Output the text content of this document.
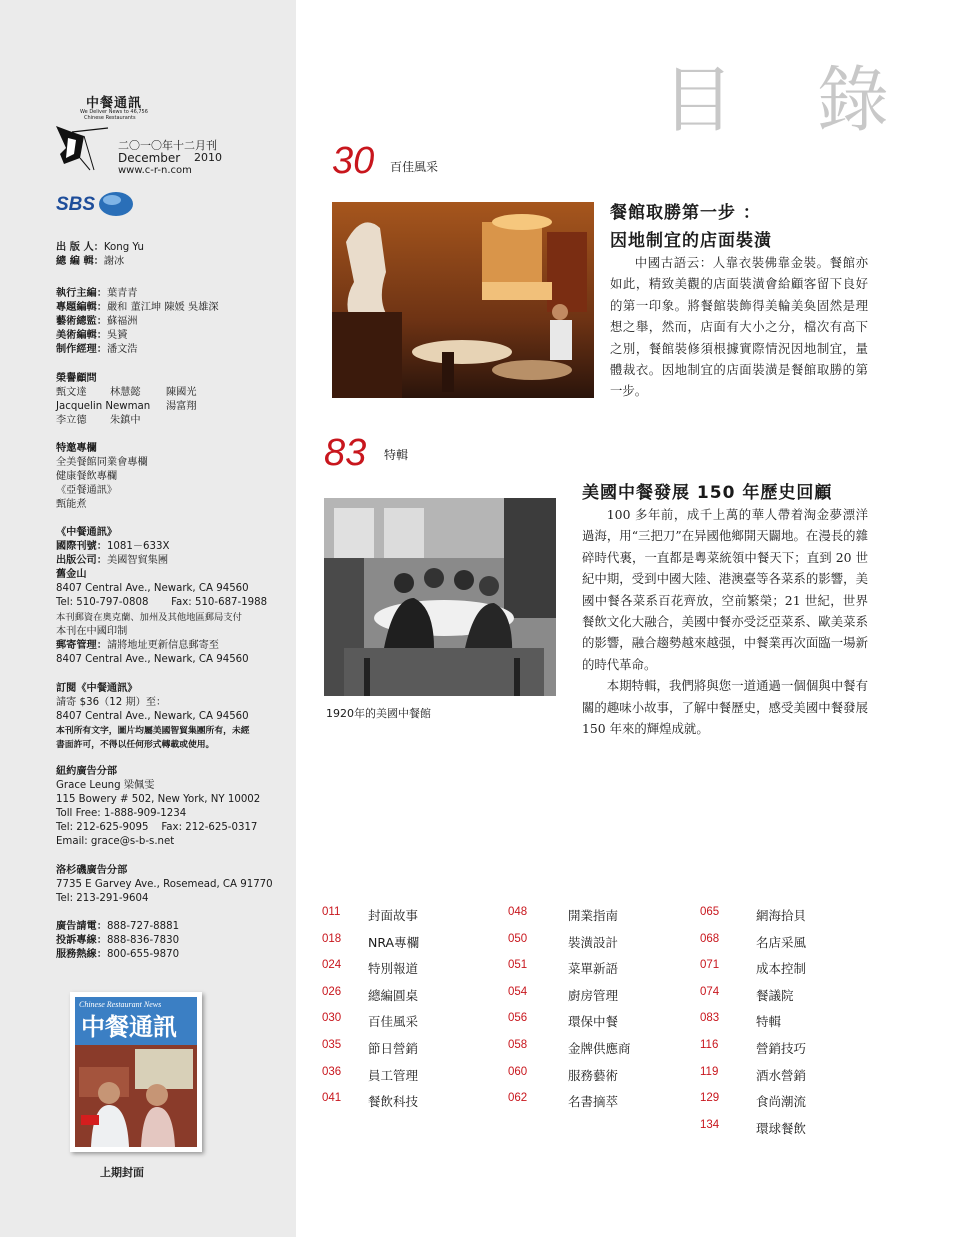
中餐通訊
We Deliver News to 46,756
Chinese Restaurants
二〇一〇年十二月刊
December 2010
www.c-r-n.com
SBS
出 版 人：Kong Yu
總 編 輯：謝冰
執行主編：葉青青
專題編輯：嚴和 董江坤 陳媛 吳雄深
藝術總監：蘇福洲
美術編輯：吳贇
制作經理：潘文浩
榮譽顧問
甄文達 林慧懿 陳國光
Jacquelin Newman 湯富翔
李立德 朱鎮中
特邀專欄
全美餐館同業會專欄
健康餐飲專欄
《亞餐通訊》
甄能煮
《中餐通訊》
國際刊號：1081－633X
出版公司：美國智貿集團
舊金山
8407 Central Ave., Newark, CA 94560
Tel: 510-797-0808       Fax: 510-687-1988
本刊郵資在奧克蘭、加州及其他地區郵局支付
本刊在中國印制
郵寄管理：請將地址更新信息郵寄至
8407 Central Ave., Newark, CA 94560
訂閱《中餐通訊》
請寄 $36（12 期）至：
8407 Central Ave., Newark, CA 94560
本刊所有文字，圖片均屬美國智貿集團所有，未經
書面許可，不得以任何形式轉載或使用。
紐約廣告分部
Grace Leung 梁佩雯
115 Bowery # 502, New York, NY 10002
Toll Free: 1-888-909-1234
Tel: 212-625-9095    Fax: 212-625-0317
Email: grace@s-b-s.net
洛杉磯廣告分部
7735 E Garvey Ave., Rosemead, CA 91770
Tel: 213-291-9604
廣告請電：888-727-8881
投訴專線：888-836-7830
服務熱線：800-655-9870
Chinese Restaurant News
中餐通訊
上期封面
目 錄
30 百佳風采
餐館取勝第一步 ：
因地制宜的店面裝潢

中國古語云：人靠衣裝佛靠金裝。餐館亦如此，精致美觀的店面裝潢會給顧客留下良好的第一印象。將餐館裝飾得美輪美奐固然是理想之舉，然而，店面有大小之分，檔次有高下之別，餐館裝修須根據實際情況因地制宜，量體裁衣。因地制宜的店面裝潢是餐館取勝的第一步。

83 特輯
1920年的美國中餐館
美國中餐發展 150 年歷史回顧

100 多年前，成千上萬的華人帶着淘金夢漂洋過海，用“三把刀”在异國他鄉開天闢地。在漫長的雜碎時代裏，一直都是粵菜統領中餐天下；直到 20 世紀中期，受到中國大陸、港澳臺等各菜系的影響，美國中餐各菜系百花齊放，空前繁榮；21 世紀，世界餐飲文化大融合，美國中餐亦受泛亞菜系、歐美菜系的影響，融合趨勢越來越强，中餐業再次面臨一場新的時代革命。

本期特輯，我們將與您一道通過一個個與中餐有關的趣味小故事，了解中餐歷史，感受美國中餐發展 150 年來的輝煌成就。

011 封面故事
018 NRA專欄
024 特別報道
026 總編圓桌
030 百佳風采
035 節日營銷
036 員工管理
041 餐飲科技
048	開業指南
050	裝潢設計
051	菜單新語
054	廚房管理
056	環保中餐
058	金牌供應商
060	服務藝術
062	名書摘萃
065	網海拾貝
068	名店采風
071	成本控制
074	餐議院
083	特輯
116	營銷技巧
119	酒水營銷
129	食尚潮流
134	環球餐飲
